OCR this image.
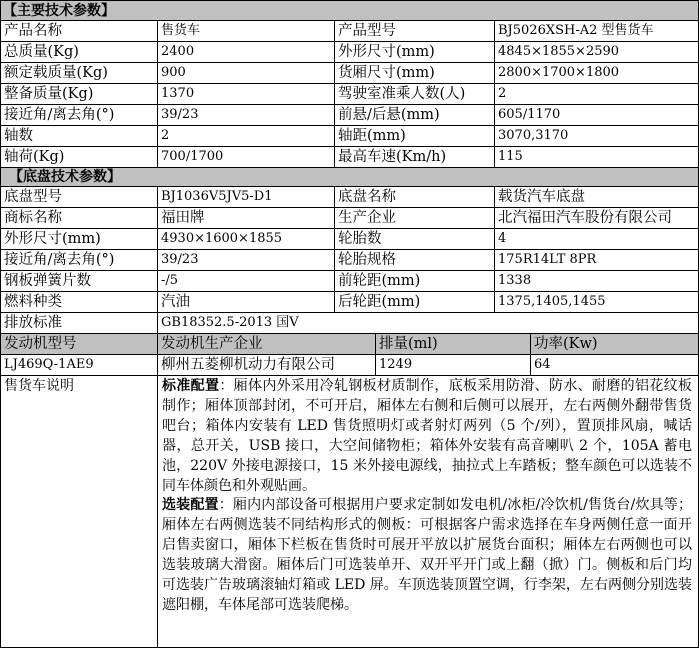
【主要技术参数】			
产品名称	售货车	产品型号	BJ5026XSH-A2 型售货车
总质量(Kg)	2400	外形尺寸(mm)	4845×1855×2590
额定载质量(Kg)	900	货厢尺寸(mm)	2800×1700×1800
整备质量(Kg)	1370	驾驶室准乘人数(人)	2
接近角/离去角(°)	39/23	前悬/后悬(mm)	605/1170
轴数	2	轴距(mm)	3070,3170
轴荷(Kg)	700/1700	最高车速(Km/h)	115
【底盘技术参数】			
底盘型号	BJ1036V5JV5-D1	底盘名称	载货汽车底盘
商标名称	福田牌	生产企业	北汽福田汽车股份有限公司
外形尺寸(mm)	4930×1600×1855	轮胎数	4
接近角/离去角(°)	39/23	轮胎规格	175R14LT 8PR
钢板弹簧片数	-/5	前轮距(mm)	1338
燃料种类	汽油	后轮距(mm)	1375,1405,1455
排放标准	GB18352.5-2013 国Ⅴ		
发动机型号	发动机生产企业	排量(ml)	功率(Kw)
LJ469Q-1AE9	柳州五菱柳机动力有限公司	1249	64
售货车说明	标准配置：厢体内外采用冷轧钢板材质制作，底板采用防滑、防水、耐磨的铝花纹板制作；厢体顶部封闭，不可开启，厢体左右侧和后侧可以展开，左右两侧外翻带售货吧台；箱体内安装有 LED 售货照明灯或者射灯两列（5 个/列），置顶排风扇，喊话器，总开关，USB 接口，大空间储物柜；箱体外安装有高音喇叭 2 个，105A 蓄电池，220V 外接电源接口，15 米外接电源线，抽拉式上车踏板；整车颜色可以选装不同车体颜色和外观贴画。
选装配置：厢内内部设备可根据用户要求定制如发电机/冰柜/冷饮机/售货台/炊具等；厢体左右两侧选装不同结构形式的侧板：可根据客户需求选择在车身两侧任意一面开启售卖窗口，厢体下栏板在售货时可展开平放以扩展货台面积；厢体左右两侧也可以选装玻璃大滑窗。厢体后门可选装单开、双开平开门或上翻（掀）门。侧板和后门均可选装广告玻璃滚轴灯箱或 LED 屏。车顶选装顶置空调，行李架，左右两侧分别选装遮阳棚，车体尾部可选装爬梯。		
